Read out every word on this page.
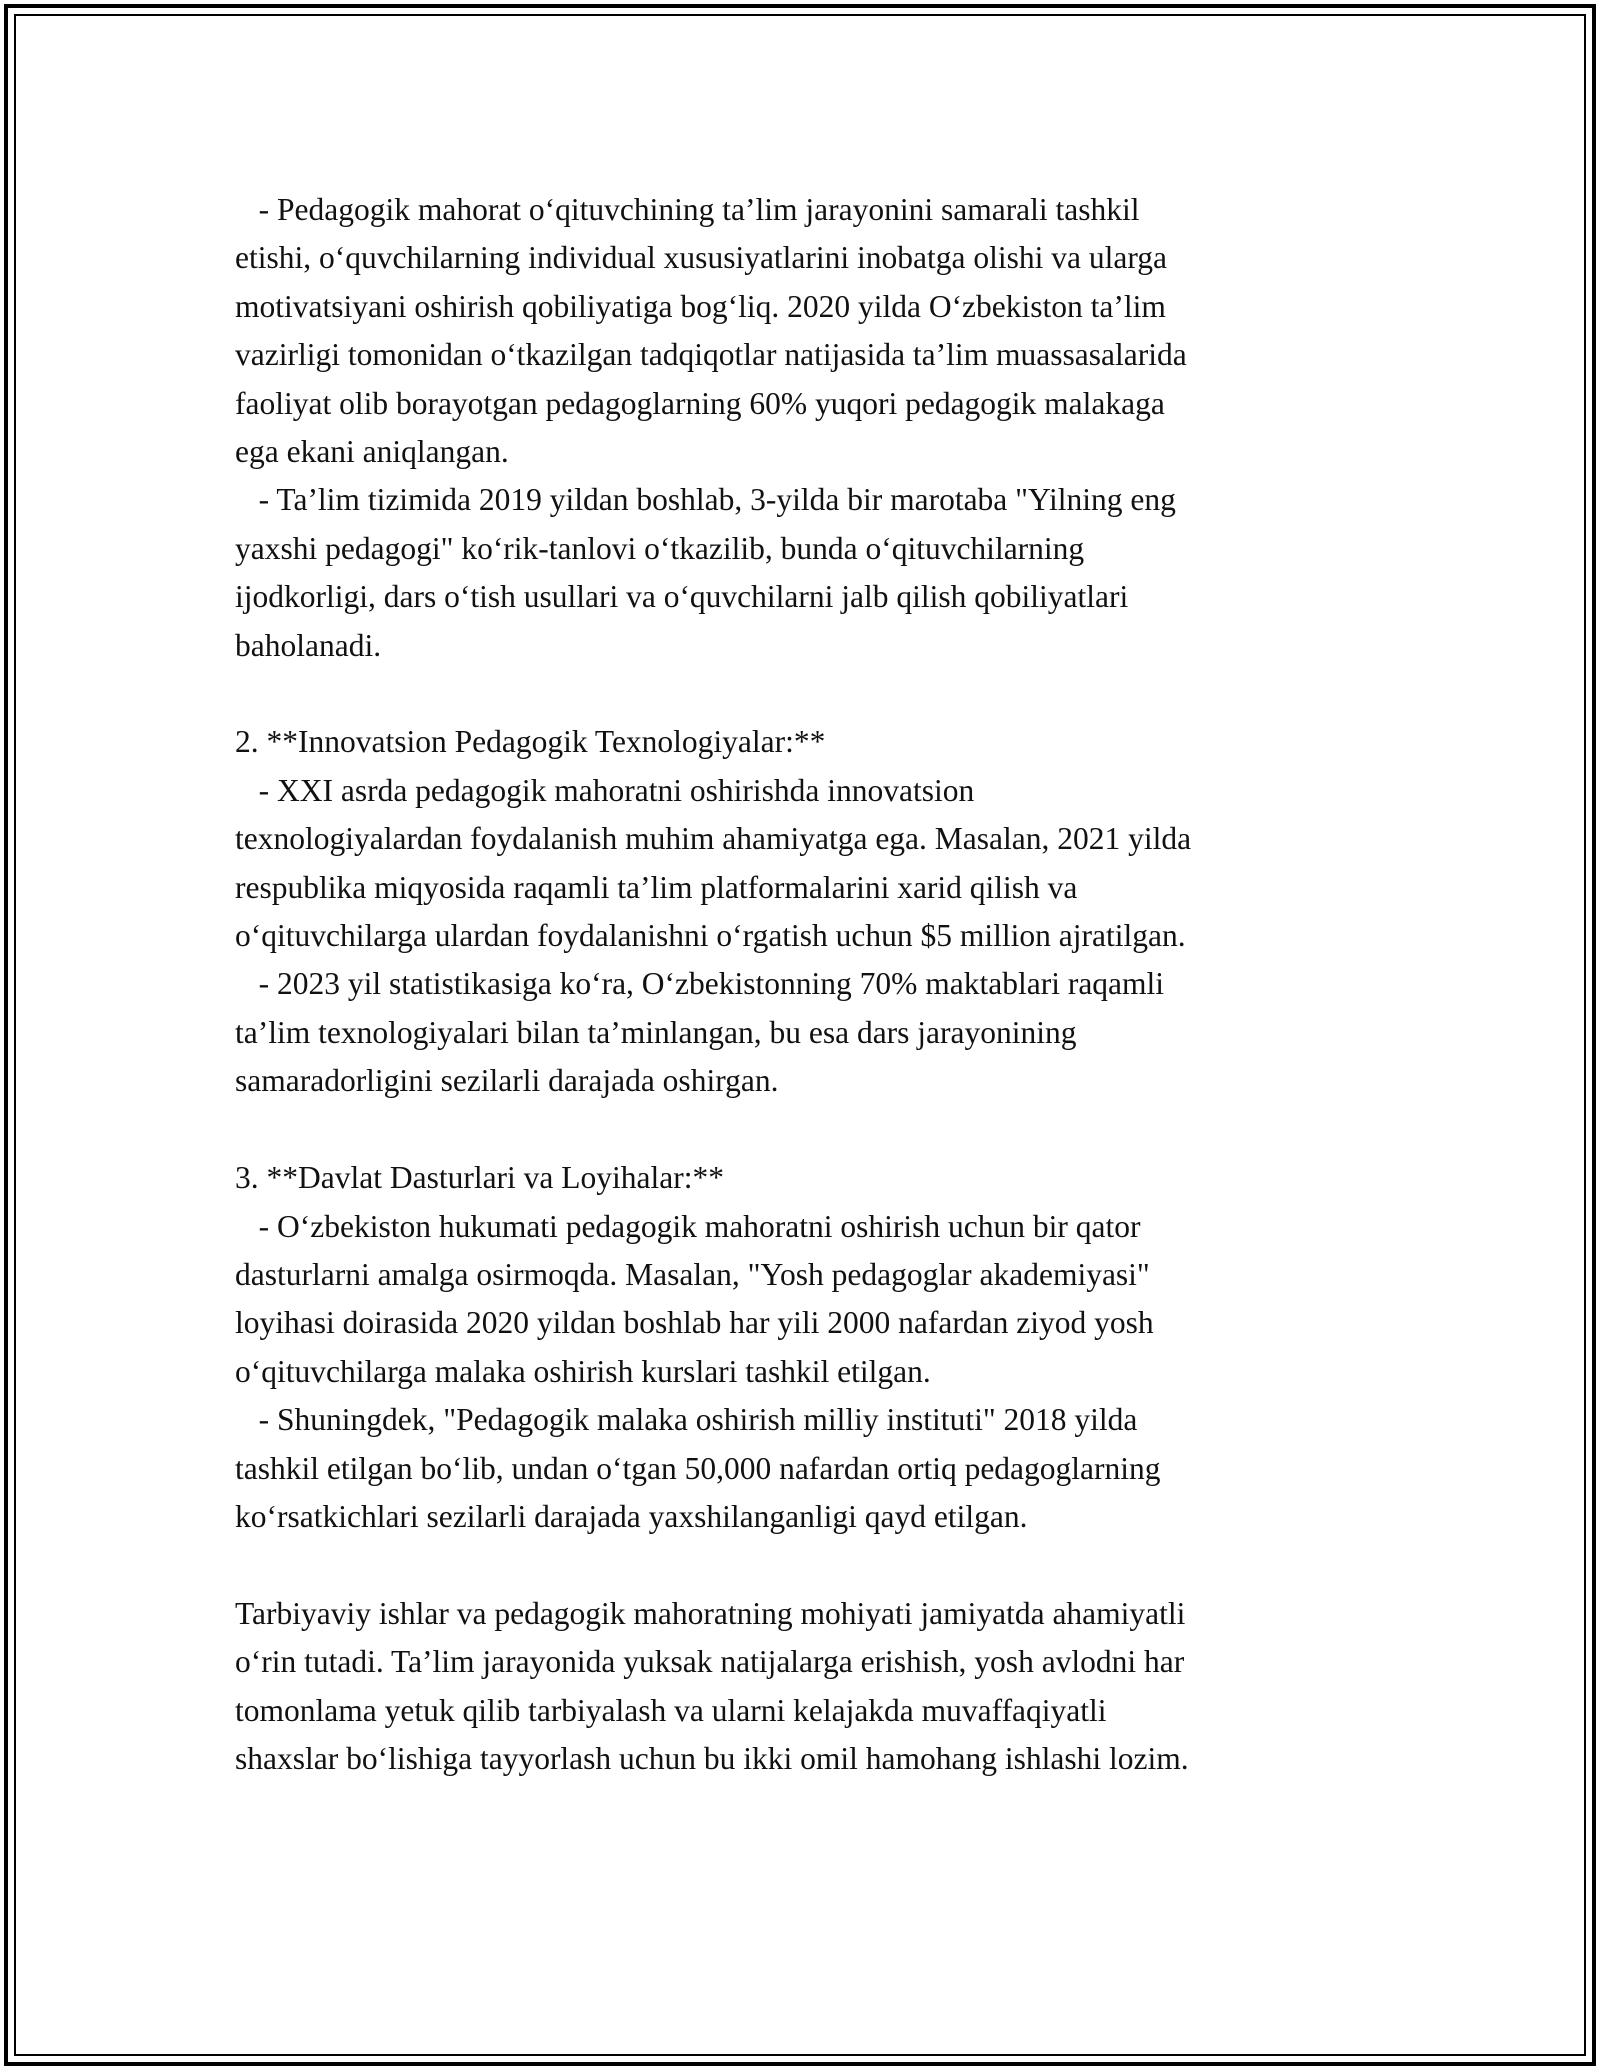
- Pedagogik mahorat o‘qituvchining ta’lim jarayonini samarali tashkil
etishi, o‘quvchilarning individual xususiyatlarini inobatga olishi va ularga
motivatsiyani oshirish qobiliyatiga bog‘liq. 2020 yilda O‘zbekiston ta’lim
vazirligi tomonidan o‘tkazilgan tadqiqotlar natijasida ta’lim muassasalarida
faoliyat olib borayotgan pedagoglarning 60% yuqori pedagogik malakaga
ega ekani aniqlangan.
- Ta’lim tizimida 2019 yildan boshlab, 3-yilda bir marotaba "Yilning eng
yaxshi pedagogi" ko‘rik-tanlovi o‘tkazilib, bunda o‘qituvchilarning
ijodkorligi, dars o‘tish usullari va o‘quvchilarni jalb qilish qobiliyatlari
baholanadi.
2. **Innovatsion Pedagogik Texnologiyalar:**
- XXI asrda pedagogik mahoratni oshirishda innovatsion
texnologiyalardan foydalanish muhim ahamiyatga ega. Masalan, 2021 yilda
respublika miqyosida raqamli ta’lim platformalarini xarid qilish va
o‘qituvchilarga ulardan foydalanishni o‘rgatish uchun $5 million ajratilgan.
- 2023 yil statistikasiga ko‘ra, O‘zbekistonning 70% maktablari raqamli
ta’lim texnologiyalari bilan ta’minlangan, bu esa dars jarayonining
samaradorligini sezilarli darajada oshirgan.
3. **Davlat Dasturlari va Loyihalar:**
- O‘zbekiston hukumati pedagogik mahoratni oshirish uchun bir qator
dasturlarni amalga osirmoqda. Masalan, "Yosh pedagoglar akademiyasi"
loyihasi doirasida 2020 yildan boshlab har yili 2000 nafardan ziyod yosh
o‘qituvchilarga malaka oshirish kurslari tashkil etilgan.
- Shuningdek, "Pedagogik malaka oshirish milliy instituti" 2018 yilda
tashkil etilgan bo‘lib, undan o‘tgan 50,000 nafardan ortiq pedagoglarning
ko‘rsatkichlari sezilarli darajada yaxshilanganligi qayd etilgan.
Tarbiyaviy ishlar va pedagogik mahoratning mohiyati jamiyatda ahamiyatli
o‘rin tutadi. Ta’lim jarayonida yuksak natijalarga erishish, yosh avlodni har
tomonlama yetuk qilib tarbiyalash va ularni kelajakda muvaffaqiyatli
shaxslar bo‘lishiga tayyorlash uchun bu ikki omil hamohang ishlashi lozim.
